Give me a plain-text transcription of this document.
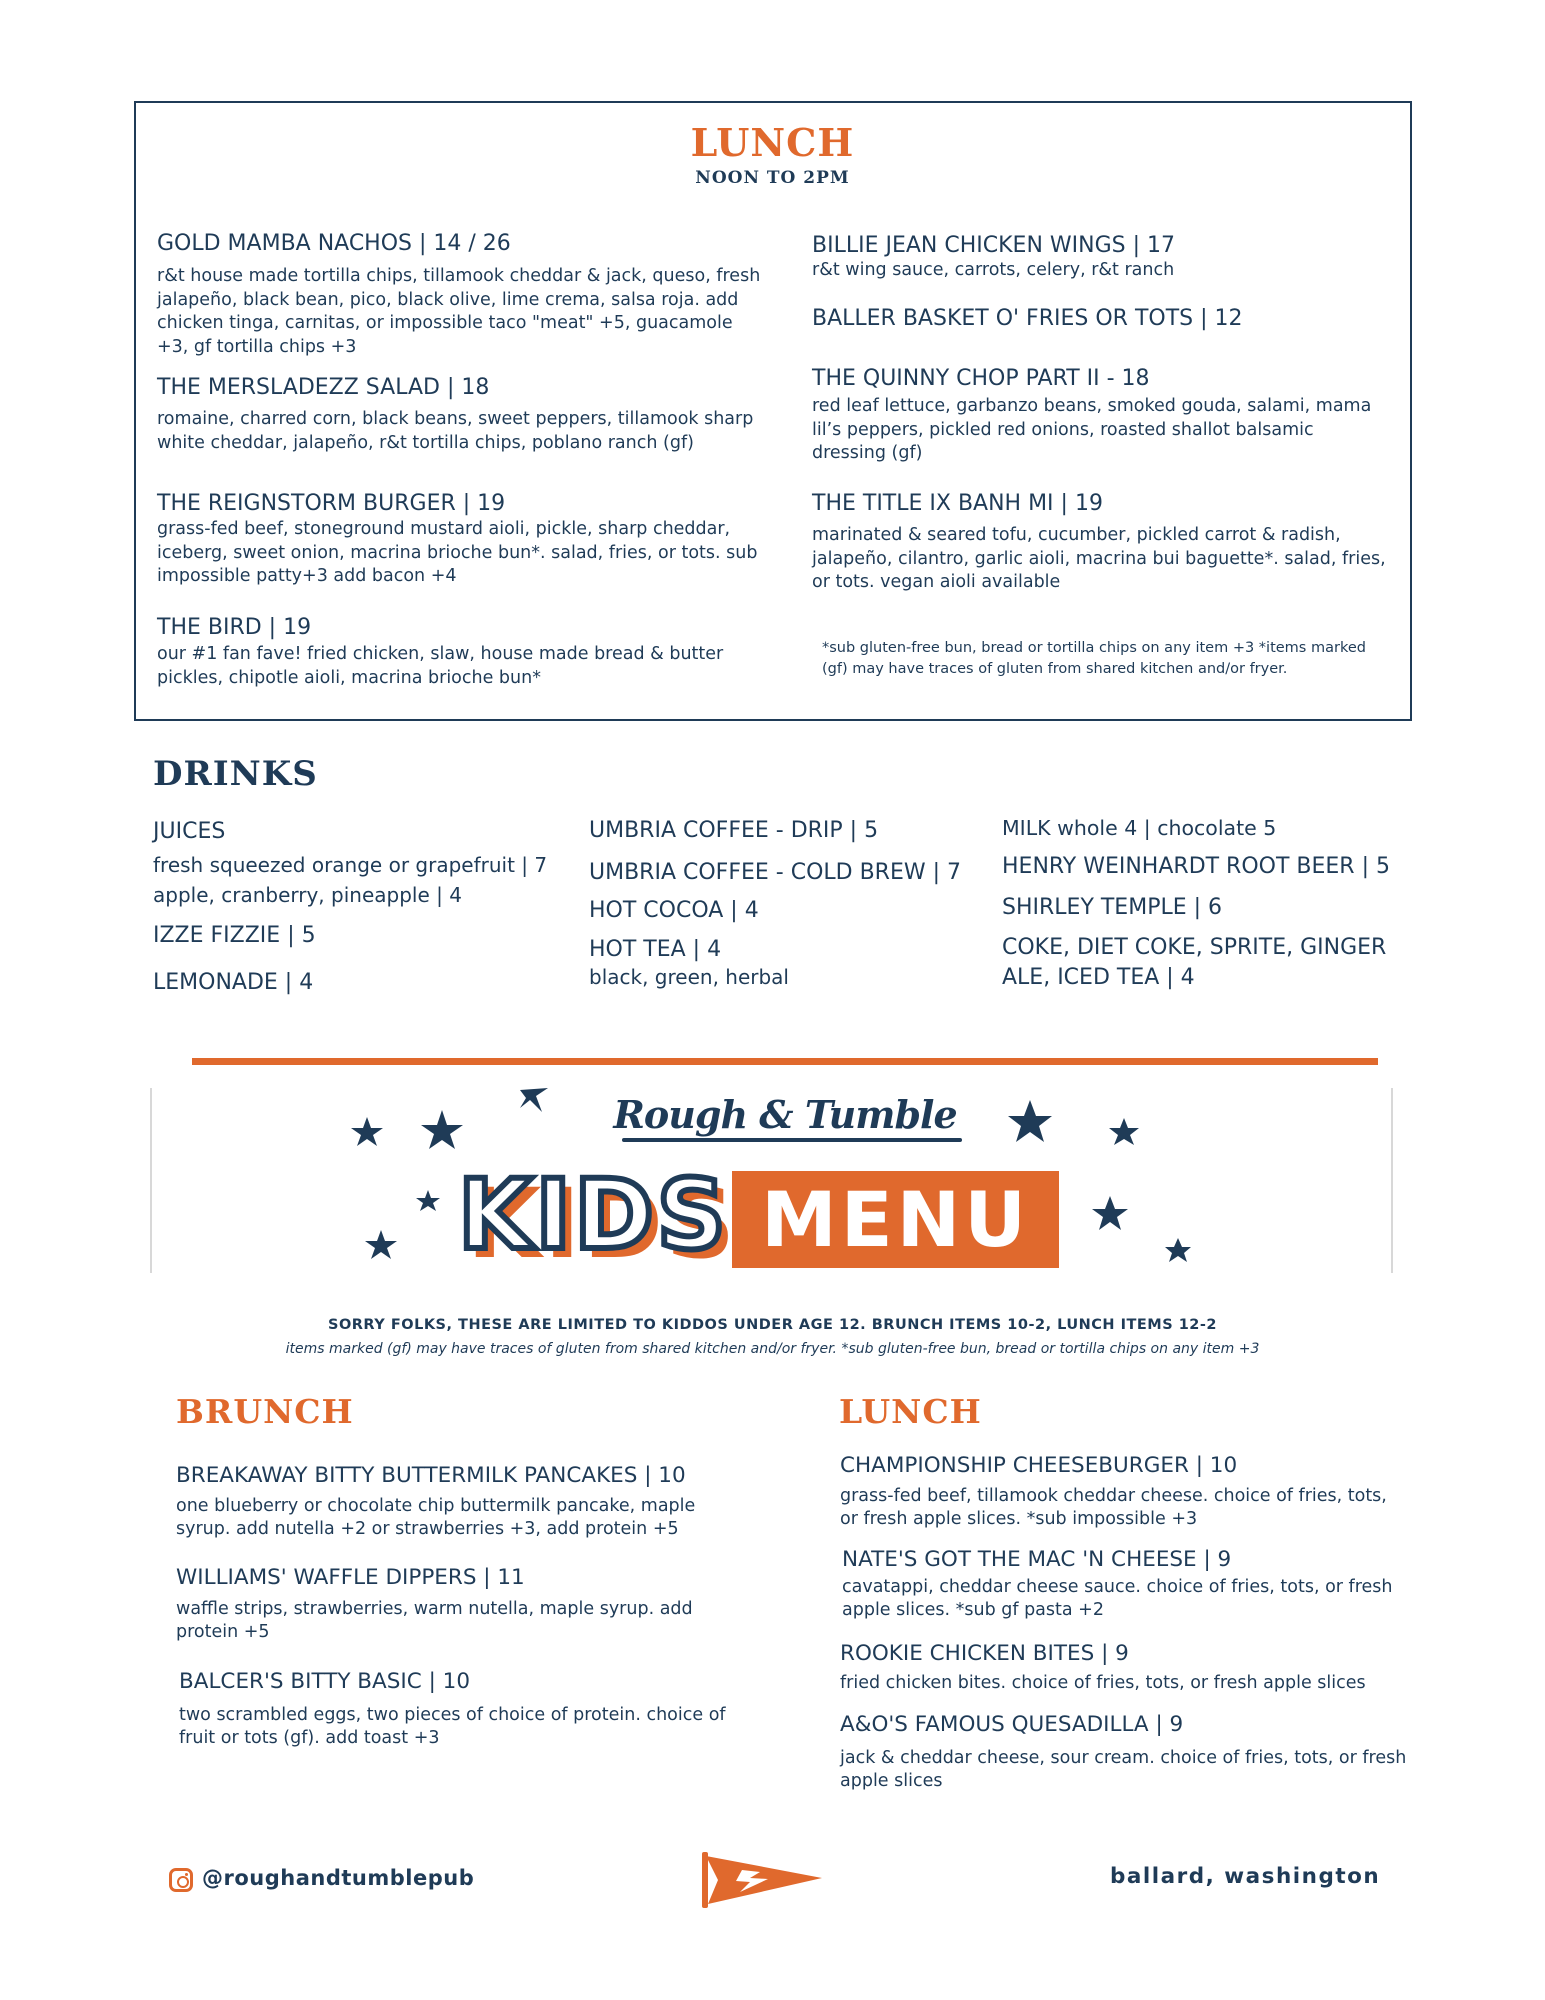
LUNCH
NOON TO 2PM
GOLD MAMBA NACHOS | 14 / 26
r&t house made tortilla chips, tillamook cheddar & jack, queso, fresh jalapeño, black bean, pico, black olive, lime crema, salsa roja. add chicken tinga, carnitas, or impossible taco "meat" +5, guacamole +3, gf tortilla chips +3
THE MERSLADEZZ SALAD | 18
romaine, charred corn, black beans, sweet peppers, tillamook sharp white cheddar, jalapeño, r&t tortilla chips, poblano ranch (gf)
THE REIGNSTORM BURGER | 19
grass-fed beef, stoneground mustard aioli, pickle, sharp cheddar, iceberg, sweet onion, macrina brioche bun*. salad, fries, or tots. sub impossible patty+3 add bacon +4
THE BIRD | 19
our #1 fan fave! fried chicken, slaw, house made bread & butter pickles, chipotle aioli, macrina brioche bun*
BILLIE JEAN CHICKEN WINGS | 17
r&t wing sauce, carrots, celery, r&t ranch
BALLER BASKET O' FRIES OR TOTS | 12
THE QUINNY CHOP PART II - 18
red leaf lettuce, garbanzo beans, smoked gouda, salami, mama lil’s peppers, pickled red onions, roasted shallot balsamic dressing (gf)
THE TITLE IX BANH MI | 19
marinated & seared tofu, cucumber, pickled carrot & radish, jalapeño, cilantro, garlic aioli, macrina bui baguette*. salad, fries, or tots. vegan aioli available
*sub gluten-free bun, bread or tortilla chips on any item +3 *items marked (gf) may have traces of gluten from shared kitchen and/or fryer.
DRINKS
JUICES
fresh squeezed orange or grapefruit | 7
apple, cranberry, pineapple | 4
IZZE FIZZIE | 5
LEMONADE | 4
UMBRIA COFFEE - DRIP | 5
UMBRIA COFFEE - COLD BREW | 7
HOT COCOA | 4
HOT TEA | 4
black, green, herbal
MILK whole 4 | chocolate 5
HENRY WEINHARDT ROOT BEER | 5
SHIRLEY TEMPLE | 6
COKE, DIET COKE, SPRITE, GINGER
ALE, ICED TEA | 4
Rough & Tumble
KIDS MENU
SORRY FOLKS, THESE ARE LIMITED TO KIDDOS UNDER AGE 12. BRUNCH ITEMS 10-2, LUNCH ITEMS 12-2
items marked (gf) may have traces of gluten from shared kitchen and/or fryer. *sub gluten-free bun, bread or tortilla chips on any item +3
BRUNCH
BREAKAWAY BITTY BUTTERMILK PANCAKES | 10
one blueberry or chocolate chip buttermilk pancake, maple syrup. add nutella +2 or strawberries +3, add protein +5
WILLIAMS' WAFFLE DIPPERS | 11
waffle strips, strawberries, warm nutella, maple syrup. add protein +5
BALCER'S BITTY BASIC | 10
two scrambled eggs, two pieces of choice of protein. choice of fruit or tots (gf). add toast +3
LUNCH
CHAMPIONSHIP CHEESEBURGER | 10
grass-fed beef, tillamook cheddar cheese. choice of fries, tots, or fresh apple slices. *sub impossible +3
NATE'S GOT THE MAC 'N CHEESE | 9
cavatappi, cheddar cheese sauce. choice of fries, tots, or fresh apple slices. *sub gf pasta +2
ROOKIE CHICKEN BITES | 9
fried chicken bites. choice of fries, tots, or fresh apple slices
A&O'S FAMOUS QUESADILLA | 9
jack & cheddar cheese, sour cream. choice of fries, tots, or fresh apple slices
@roughandtumblepub	ballard, washington
